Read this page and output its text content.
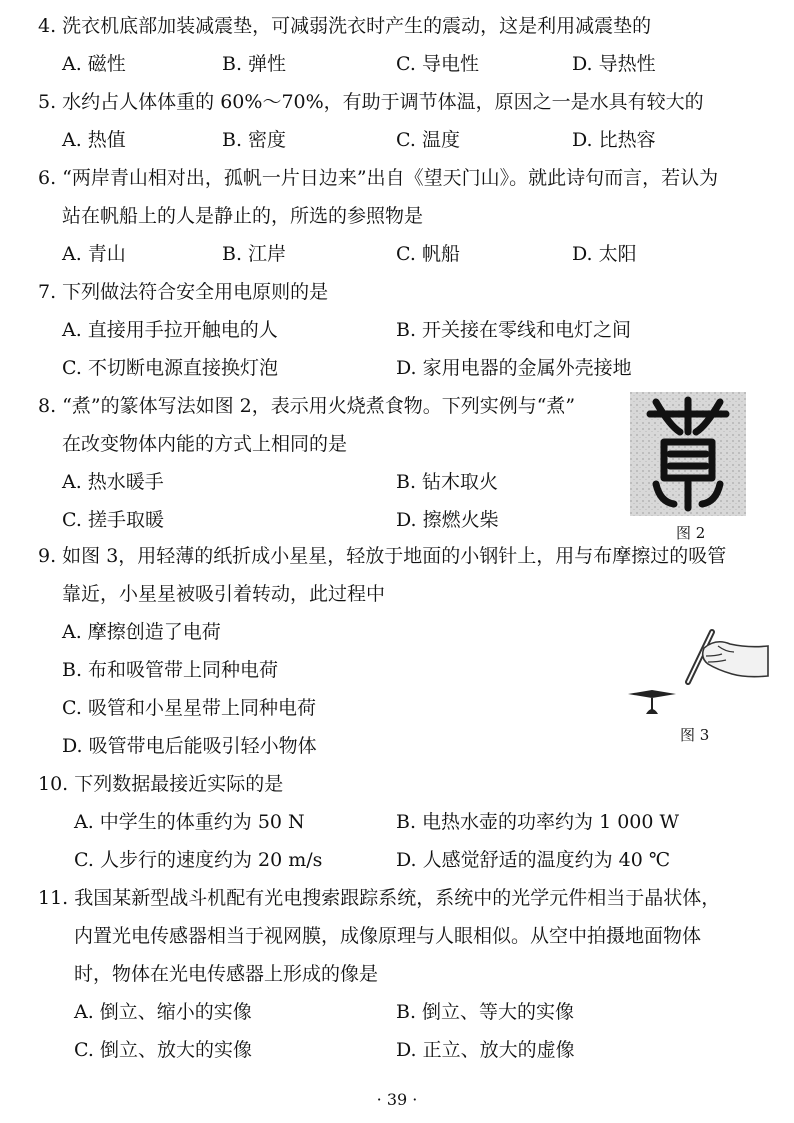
4. 洗衣机底部加装减震垫，可减弱洗衣时产生的震动，这是利用减震垫的
A. 磁性	B. 弹性	C. 导电性	D. 导热性
5. 水约占人体体重的 60%～70%，有助于调节体温，原因之一是水具有较大的
A. 热值	B. 密度	C. 温度	D. 比热容
6. “两岸青山相对出，孤帆一片日边来”出自《望天门山》。就此诗句而言，若认为
站在帆船上的人是静止的，所选的参照物是
A. 青山	B. 江岸	C. 帆船	D. 太阳
7. 下列做法符合安全用电原则的是
A. 直接用手拉开触电的人	B. 开关接在零线和电灯之间
C. 不切断电源直接换灯泡	D. 家用电器的金属外壳接地
8. “煮”的篆体写法如图 2，表示用火烧煮食物。下列实例与“煮”
在改变物体内能的方式上相同的是
A. 热水暖手	B. 钻木取火
C. 搓手取暖	D. 擦燃火柴
图 2
9. 如图 3，用轻薄的纸折成小星星，轻放于地面的小钢针上，用与布摩擦过的吸管
靠近，小星星被吸引着转动，此过程中
A. 摩擦创造了电荷
B. 布和吸管带上同种电荷
C. 吸管和小星星带上同种电荷
D. 吸管带电后能吸引轻小物体	图 3
10. 下列数据最接近实际的是
A. 中学生的体重约为 50 N	B. 电热水壶的功率约为 1 000 W
C. 人步行的速度约为 20 m/s	D. 人感觉舒适的温度约为 40 ℃
11. 我国某新型战斗机配有光电搜索跟踪系统，系统中的光学元件相当于晶状体，
内置光电传感器相当于视网膜，成像原理与人眼相似。从空中拍摄地面物体
时，物体在光电传感器上形成的像是
A. 倒立、缩小的实像	B. 倒立、等大的实像
C. 倒立、放大的实像	D. 正立、放大的虚像
· 39 ·
